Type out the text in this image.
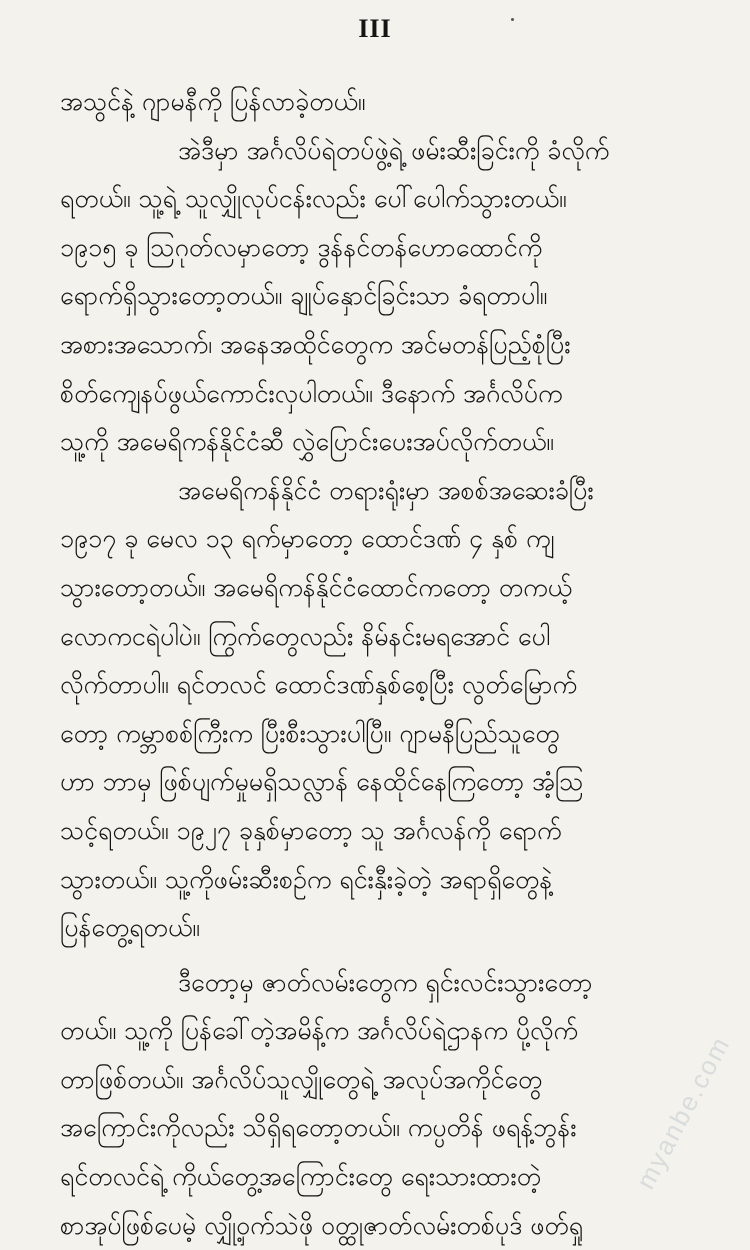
III
အသွင်နဲ့ ဂျာမနီကို ပြန်လာခဲ့တယ်။
အဲဒီမှာ အင်္ဂလိပ်ရဲတပ်ဖွဲ့ရဲ့ ဖမ်းဆီးခြင်းကို ခံလိုက်
ရတယ်။ သူ့ရဲ့ သူလျှိုလုပ်ငန်းလည်း ပေါ်ပေါက်သွားတယ်။
၁၉၁၅ ခု ဩဂုတ်လမှာတော့ ဒွန်နင်တန်ဟောထောင်ကို
ရောက်ရှိသွားတော့တယ်။ ချုပ်နှောင်ခြင်းသာ ခံရတာပါ။
အစားအသောက်၊ အနေအထိုင်တွေက အင်မတန်ပြည့်စုံပြီး
စိတ်ကျေနပ်ဖွယ်ကောင်းလှပါတယ်။ ဒီနောက် အင်္ဂလိပ်က
သူ့ကို အမေရိကန်နိုင်ငံဆီ လွှဲပြောင်းပေးအပ်လိုက်တယ်။
အမေရိကန်နိုင်ငံ တရားရုံးမှာ အစစ်အဆေးခံပြီး
၁၉၁၇ ခု မေလ ၁၃ ရက်မှာတော့ ထောင်ဒဏ် ၄ နှစ် ကျ
သွားတော့တယ်။ အမေရိကန်နိုင်ငံထောင်ကတော့ တကယ့်
လောကငရဲပါပဲ။ ကြွက်တွေလည်း နိမ်နင်းမရအောင် ပေါ
လိုက်တာပါ။ ရင်တလင် ထောင်ဒဏ်နှစ်စေ့ပြီး လွတ်မြောက်
တော့ ကမ္ဘာစစ်ကြီးက ပြီးစီးသွားပါပြီ။ ဂျာမနီပြည်သူတွေ
ဟာ ဘာမှ ဖြစ်ပျက်မှုမရှိသလ္လာန် နေထိုင်နေကြတော့ အံ့ဩ
သင့်ရတယ်။ ၁၉၂၇ ခုနှစ်မှာတော့ သူ အင်္ဂလန်ကို ရောက်
သွားတယ်။ သူ့ကိုဖမ်းဆီးစဉ်က ရင်းနှီးခဲ့တဲ့ အရာရှိတွေနဲ့
ပြန်တွေ့ရတယ်။
ဒီတော့မှ ဇာတ်လမ်းတွေက ရှင်းလင်းသွားတော့
တယ်။ သူ့ကို ပြန်ခေါ်တဲ့အမိန့်က အင်္ဂလိပ်ရဲဌာနက ပို့လိုက်
တာဖြစ်တယ်။ အင်္ဂလိပ်သူလျှိုတွေရဲ့ အလုပ်အကိုင်တွေ
အကြောင်းကိုလည်း သိရှိရတော့တယ်။ ကပ္ပတိန် ဖရန့်ဘွန်း
ရင်တလင်ရဲ့ ကိုယ်တွေ့အကြောင်းတွေ ရေးသားထားတဲ့
စာအုပ်ဖြစ်ပေမဲ့ လျှို့ဝှက်သဲဖို ဝတ္ထုဇာတ်လမ်းတစ်ပုဒ် ဖတ်ရှု
myanbe.com
